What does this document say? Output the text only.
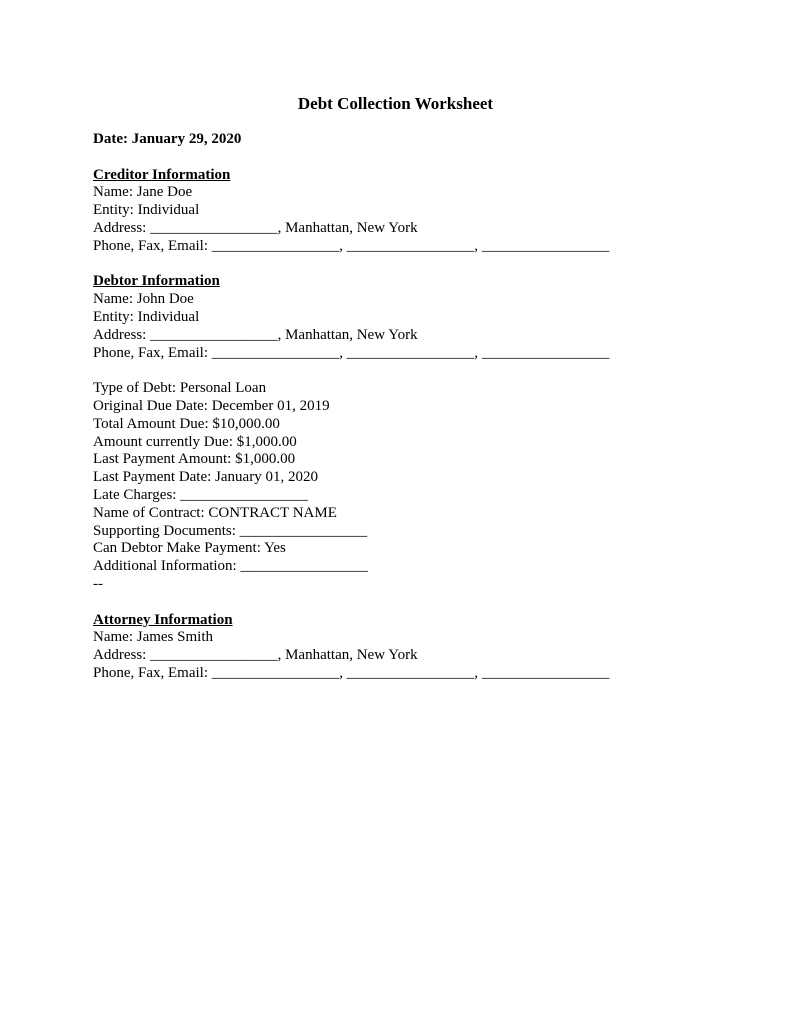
Debt Collection Worksheet
Date: January 29, 2020
Creditor Information
Name: Jane Doe
Entity: Individual
Address: _________________, Manhattan, New York
Phone, Fax, Email: _________________, _________________, _________________
Debtor Information
Name: John Doe
Entity: Individual
Address: _________________, Manhattan, New York
Phone, Fax, Email: _________________, _________________, _________________
Type of Debt: Personal Loan
Original Due Date: December 01, 2019
Total Amount Due: $10,000.00
Amount currently Due: $1,000.00
Last Payment Amount: $1,000.00
Last Payment Date: January 01, 2020
Late Charges: _________________
Name of Contract: CONTRACT NAME
Supporting Documents: _________________
Can Debtor Make Payment: Yes
Additional Information: _________________
--
Attorney Information
Name: James Smith
Address: _________________, Manhattan, New York
Phone, Fax, Email: _________________, _________________, _________________
